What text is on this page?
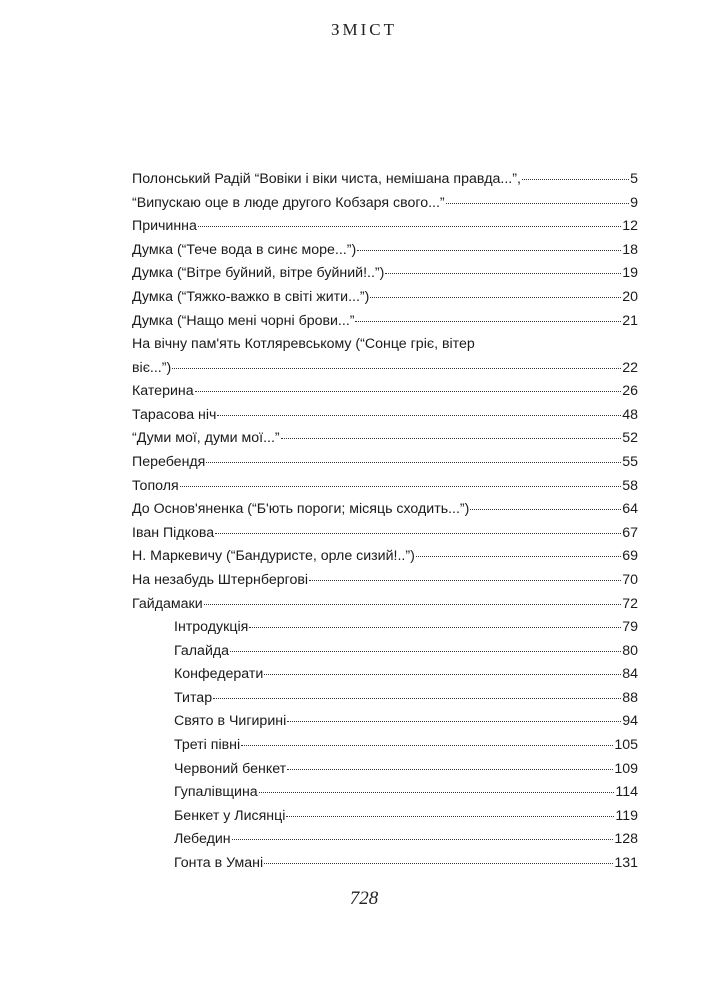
ЗМІСТ
Полонський Радій “Вовіки і віки чиста, немішана правда...”,	5
“Випускаю оце в люде другого Кобзаря свого...”	9
Причинна	12
Думка (“Тече вода в синє море...”)	18
Думка (“Вітре буйний, вітре буйний!..”)	19
Думка (“Тяжко-важко в світі жити...”)	20
Думка (“Нащо мені чорні брови...”	21
На вічну пам'ять Котляревському (“Сонце гріє, вітер
віє...”)	22
Катерина	26
Тарасова ніч	48
“Думи мої, думи мої...”	52
Перебендя	55
Тополя	58
До Основ'яненка (“Б'ють пороги; місяць сходить...”)	64
Іван Підкова	67
Н. Маркевичу (“Бандуристе, орле сизий!..”)	69
На незабудь Штернбергові	70
Гайдамаки	72
Інтродукція	79
Галайда	80
Конфедерати	84
Титар	88
Свято в Чигирині	94
Треті півні	105
Червоний бенкет	109
Гупалівщина	114
Бенкет у Лисянці	119
Лебедин	128
Гонта в Умані	131
728
